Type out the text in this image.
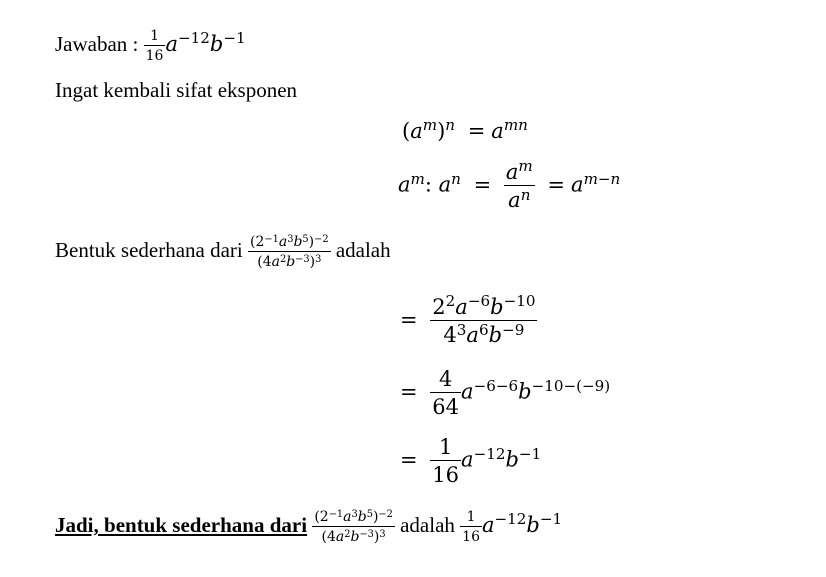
Jawaban : $\frac{1}{16} a^{-12}b^{-1}$
Ingat kembali sifat eksponen
$(a^m)^n = a^{mn}$
$a^m$: $a^n = \frac{a^m}{a^n} = a^{m-n}$
Bentuk sederhana dari $\frac{(2^{-1}a^3b^5)^{-2}}{(4a^2b^{-3})^3}$ adalah
= $\frac{2^2a^{-6}b^{-10}}{4^3a^6b^{-9}}$
= $\frac{4}{64} a^{-6-6}b^{-10-(-9)}$
= $\frac{1}{16} a^{-12}b^{-1}$
Jadi, bentuk sederhana dari $\frac{(2^{-1}a^3b^5)^{-2}}{(4a^2b^{-3})^3}$ adalah $\frac{1}{16} a^{-12}b^{-1}$
